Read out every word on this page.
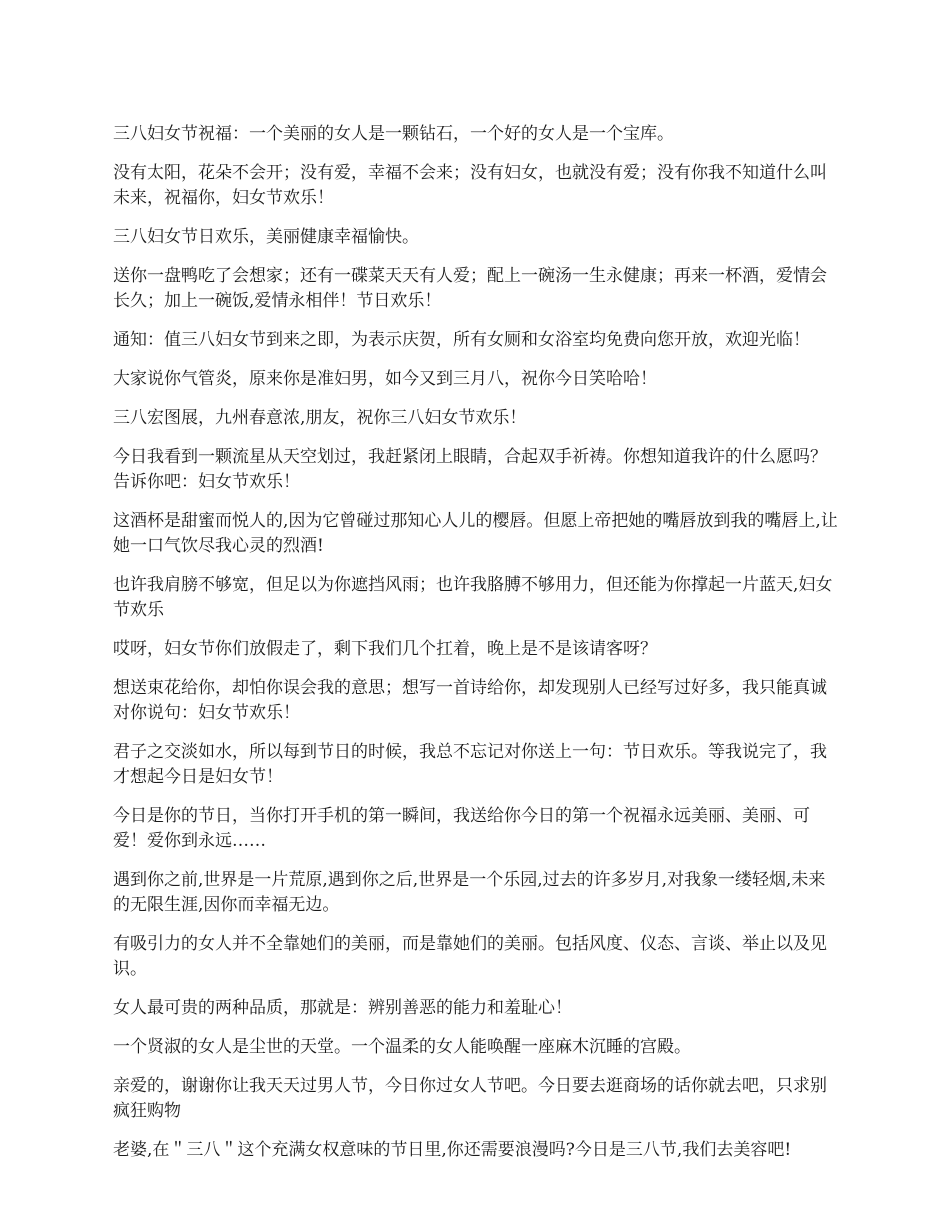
三八妇女节祝福：一个美丽的女人是一颗钻石，一个好的女人是一个宝库。

没有太阳，花朵不会开；没有爱，幸福不会来；没有妇女，也就没有爱；没有你我不知道什么叫未来，祝福你，妇女节欢乐！

三八妇女节日欢乐，美丽健康幸福愉快。

送你一盘鸭吃了会想家；还有一碟菜天天有人爱；配上一碗汤一生永健康；再来一杯酒，爱情会长久；加上一碗饭,爱情永相伴！节日欢乐！

通知：值三八妇女节到来之即，为表示庆贺，所有女厕和女浴室均免费向您开放，欢迎光临！

大家说你气管炎，原来你是准妇男，如今又到三月八，祝你今日笑哈哈！

三八宏图展，九州春意浓,朋友，祝你三八妇女节欢乐！

今日我看到一颗流星从天空划过，我赶紧闭上眼睛，合起双手祈祷。你想知道我许的什么愿吗？告诉你吧：妇女节欢乐！

这酒杯是甜蜜而悦人的,因为它曾碰过那知心人儿的樱唇。但愿上帝把她的嘴唇放到我的嘴唇上,让她一口气饮尽我心灵的烈酒!

也许我肩膀不够宽，但足以为你遮挡风雨；也许我胳膊不够用力，但还能为你撑起一片蓝天,妇女节欢乐

哎呀，妇女节你们放假走了，剩下我们几个扛着，晚上是不是该请客呀？

想送束花给你，却怕你误会我的意思；想写一首诗给你，却发现别人已经写过好多，我只能真诚对你说句：妇女节欢乐！

君子之交淡如水，所以每到节日的时候，我总不忘记对你送上一句：节日欢乐。等我说完了，我才想起今日是妇女节！

今日是你的节日，当你打开手机的第一瞬间，我送给你今日的第一个祝福永远美丽、美丽、可爱！爱你到永远……

遇到你之前,世界是一片荒原,遇到你之后,世界是一个乐园,过去的许多岁月,对我象一缕轻烟,未来的无限生涯,因你而幸福无边。

有吸引力的女人并不全靠她们的美丽，而是靠她们的美丽。包括风度、仪态、言谈、举止以及见识。

女人最可贵的两种品质，那就是：辨别善恶的能力和羞耻心！

一个贤淑的女人是尘世的天堂。一个温柔的女人能唤醒一座麻木沉睡的宫殿。

亲爱的，谢谢你让我天天过男人节，今日你过女人节吧。今日要去逛商场的话你就去吧，只求别疯狂购物

老婆,在＂三八＂这个充满女权意味的节日里,你还需要浪漫吗?今日是三八节,我们去美容吧!
